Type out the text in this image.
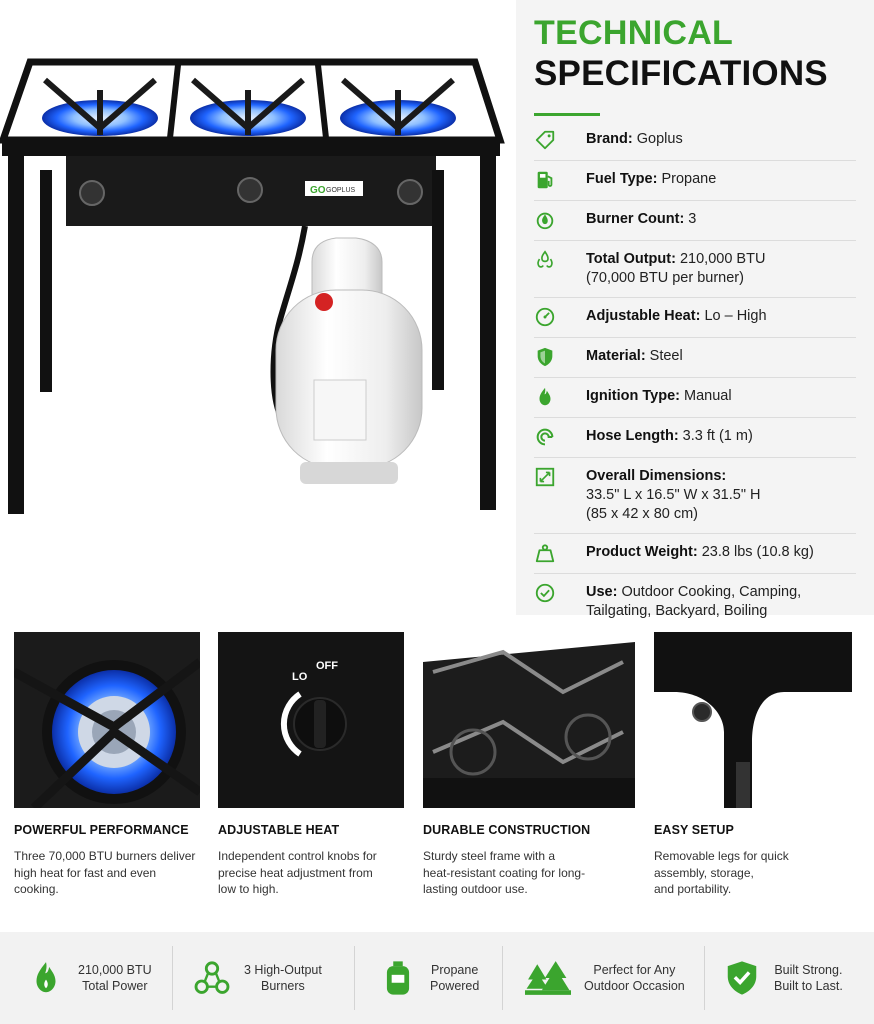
GO GOPLUS
TECHNICAL
SPECIFICATIONS
Brand: Goplus
Fuel Type: Propane
Burner Count: 3
Total Output: 210,000 BTU
(70,000 BTU per burner)
Adjustable Heat: Lo – High
Material: Steel
Ignition Type: Manual
Hose Length: 3.3 ft (1 m)
Overall Dimensions:
33.5" L x 16.5" W x 31.5" H
(85 x 42 x 80 cm)
Product Weight: 23.8 lbs (10.8 kg)
Use: Outdoor Cooking, Camping,
Tailgating, Backyard, Boiling
POWERFUL PERFORMANCE

Three 70,000 BTU burners deliver
high heat for fast and even cooking.

LO
OFF
ADJUSTABLE HEAT

Independent control knobs for
precise heat adjustment from
low to high.

DURABLE CONSTRUCTION

Sturdy steel frame with a
heat-resistant coating for long-
lasting outdoor use.

EASY SETUP

Removable legs for quick
assembly, storage,
and portability.

210,000 BTU
Total Power
3 High-Output
Burners
Propane
Powered
Perfect for Any
Outdoor Occasion
Built Strong.
Built to Last.
